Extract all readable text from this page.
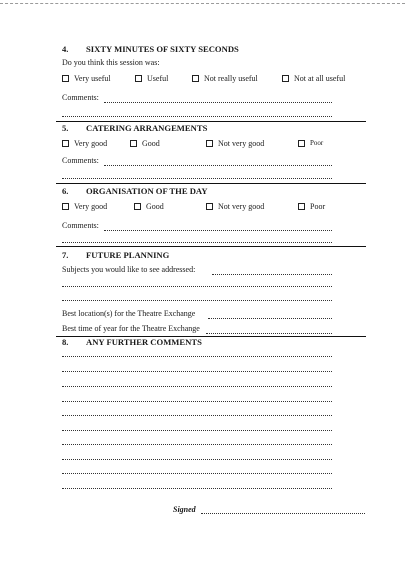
4. SIXTY MINUTES OF SIXTY SECONDS
Do you think this session was:
Very useful	Useful	Not really useful	Not at all useful
Comments:
5. CATERING ARRANGEMENTS
Very good	Good	Not very good	Poor
Comments:
6. ORGANISATION OF THE DAY
Very good	Good	Not very good	Poor
Comments:
7. FUTURE PLANNING
Subjects you would like to see addressed:
Best location(s) for the Theatre Exchange
Best time of year for the Theatre Exchange
8. ANY FURTHER COMMENTS
Signed
